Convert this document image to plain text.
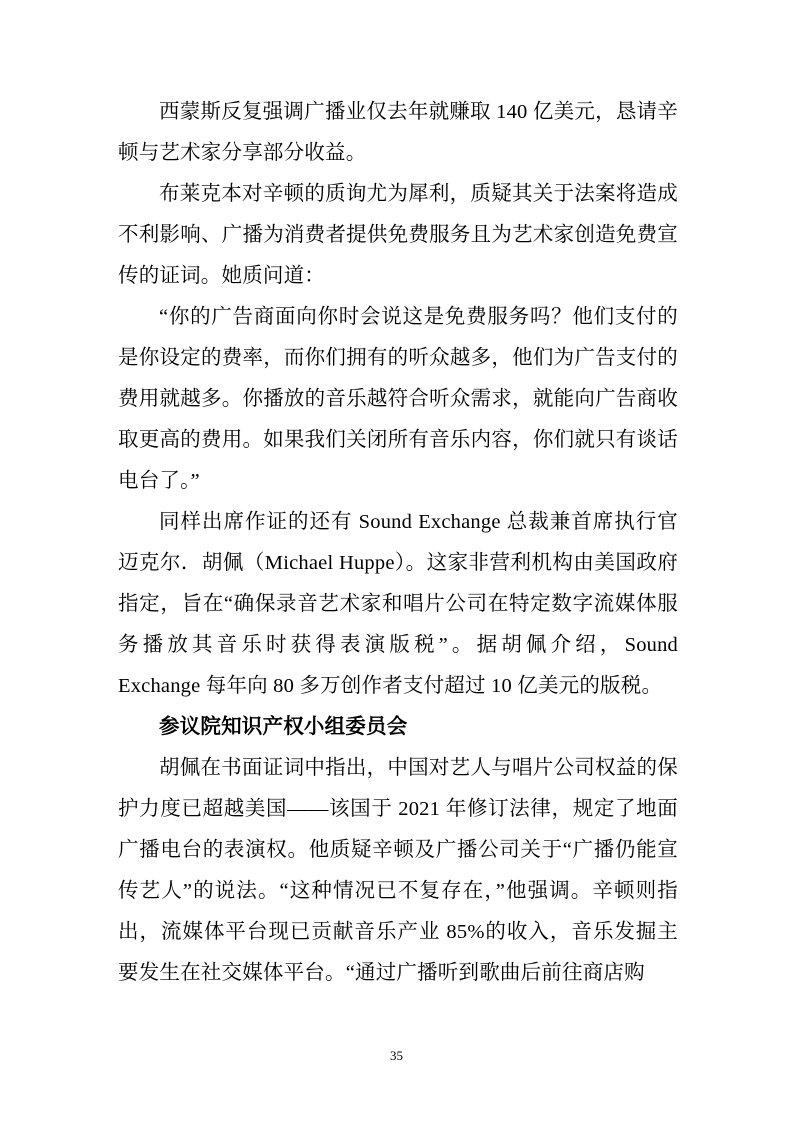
西蒙斯反复强调广播业仅去年就赚取 140 亿美元，恳请辛顿与艺术家分享部分收益。

布莱克本对辛顿的质询尤为犀利，质疑其关于法案将造成不利影响、广播为消费者提供免费服务且为艺术家创造免费宣传的证词。她质问道：

“你的广告商面向你时会说这是免费服务吗？他们支付的是你设定的费率，而你们拥有的听众越多，他们为广告支付的费用就越多。你播放的音乐越符合听众需求，就能向广告商收取更高的费用。如果我们关闭所有音乐内容，你们就只有谈话电台了。”

同样出席作证的还有 Sound Exchange 总裁兼首席执行官迈克尔．胡佩（Michael Huppe）。这家非营利机构由美国政府指定，旨在“确保录音艺术家和唱片公司在特定数字流媒体服务播放其音乐时获得表演版税”。据胡佩介绍，Sound Exchange 每年向 80 多万创作者支付超过 10 亿美元的版税。

参议院知识产权小组委员会

胡佩在书面证词中指出，中国对艺人与唱片公司权益的保护力度已超越美国——该国于 2021 年修订法律，规定了地面广播电台的表演权。他质疑辛顿及广播公司关于“广播仍能宣传艺人”的说法。“这种情况已不复存在，”他强调。辛顿则指出，流媒体平台现已贡献音乐产业 85%的收入，音乐发掘主要发生在社交媒体平台。“通过广播听到歌曲后前往商店购

35
